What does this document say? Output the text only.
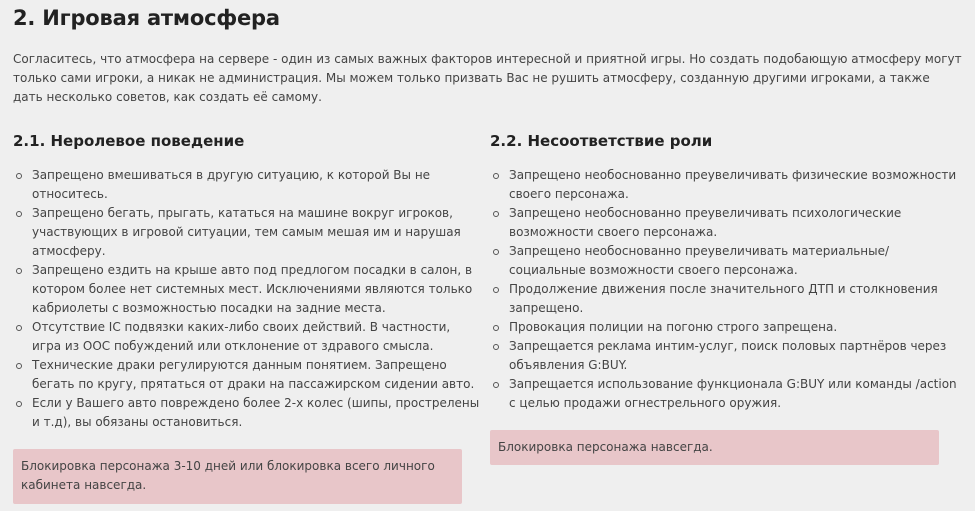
2. Игровая атмосфера

Согласитесь, что атмосфера на сервере - один из самых важных факторов интересной и приятной игры. Но создать подобающую атмосферу могут только сами игроки, а никак не администрация. Мы можем только призвать Вас не рушить атмосферу, созданную другими игроками, а также дать несколько советов, как создать её самому.

2.1. Неролевое поведение
Запрещено вмешиваться в другую ситуацию, к которой Вы не относитесь.
Запрещено бегать, прыгать, кататься на машине вокруг игроков, участвующих в игровой ситуации, тем самым мешая им и нарушая атмосферу.
Запрещено ездить на крыше авто под предлогом посадки в салон, в котором более нет системных мест. Исключениями являются только кабриолеты с возможностью посадки на задние места.
Отсутствие IC подвязки каких-либо своих действий. В частности, игра из OOC побуждений или отклонение от здравого смысла.
Технические драки регулируются данным понятием. Запрещено бегать по кругу, прятаться от драки на пассажирском сидении авто.
Если у Вашего авто повреждено более 2-х колес (шипы, прострелены и т.д), вы обязаны остановиться.
2.2. Несоответствие роли
Запрещено необоснованно преувеличивать физические возможности своего персонажа.
Запрещено необоснованно преувеличивать психологические возможности своего персонажа.
Запрещено необоснованно преувеличивать материальные/ социальные возможности своего персонажа.
Продолжение движения после значительного ДТП и столкновения запрещено.
Провокация полиции на погоню строго запрещена.
Запрещается реклама интим-услуг, поиск половых партнёров через объявления G:BUY.
Запрещается использование функционала G:BUY или команды /action с целью продажи огнестрельного оружия.
Блокировка персонажа 3-10 дней или блокировка всего личного кабинета навсегда.
Блокировка персонажа навсегда.
